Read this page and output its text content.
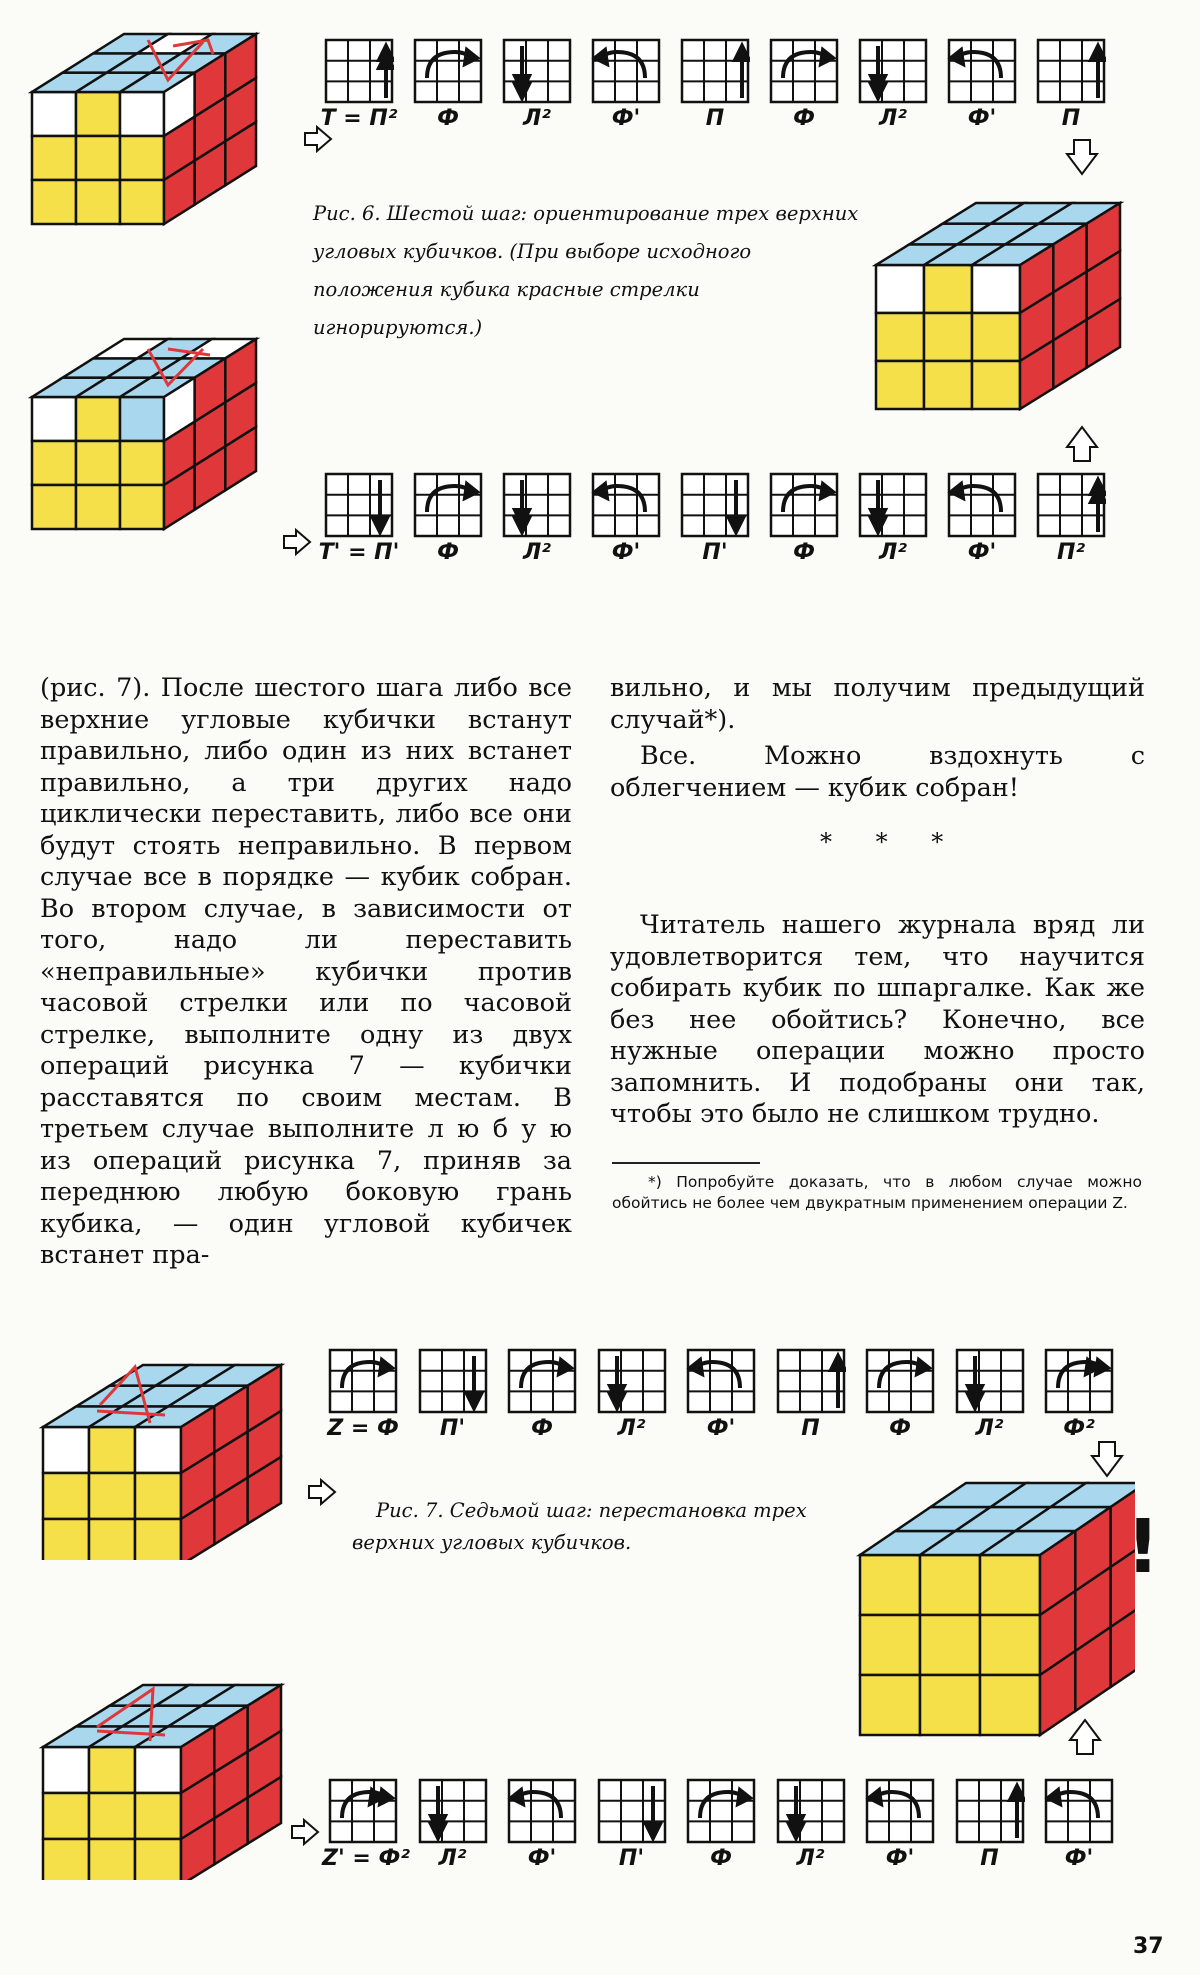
T = П²	Ф	Л²	Ф'	П	Ф	Л²	Ф'	П
T' = П'	Ф	Л²	Ф'	П'	Ф	Л²	Ф'	П²
Z = Ф	П'	Ф	Л²	Ф'	П	Ф	Л²	Ф²
Z' = Ф²	Л²	Ф'	П'	Ф	Л²	Ф'	П	Ф'
Рис. 6. Шестой шаг: ориентирование трех верхних
угловых кубичков. (При выборе исходного
положения кубика красные стрелки
игнорируются.)
Рис. 7. Седьмой шаг: перестановка трех
верхних угловых кубичков.	!

(рис. 7). После шестого шага либо все верхние угловые кубички встанут правильно, либо один из них встанет правильно, а три других надо циклически переставить, либо все они будут стоять неправильно. В первом случае все в порядке — кубик собран. Во втором случае, в зависимости от того, надо ли переставить «неправильные» кубички против часовой стрелки или по часовой стрелке, выполните одну из двух операций рисунка 7 — кубички расставятся по своим местам. В третьем случае выполните л ю б у ю из операций рисунка 7, приняв за переднюю любую боковую грань кубика, — один угловой кубичек встанет пра-

вильно, и мы получим предыдущий случай*).

Все. Можно вздохнуть с облегчением — кубик собран!

Читатель нашего журнала вряд ли удовлетворится тем, что научится собирать кубик по шпаргалке. Как же без нее обойтись? Конечно, все нужные операции можно просто запомнить. И подобраны они так, чтобы это было не слишком трудно.

* * *
*) Попробуйте доказать, что в любом случае можно обойтись не более чем двукратным применением операции Z.
37
